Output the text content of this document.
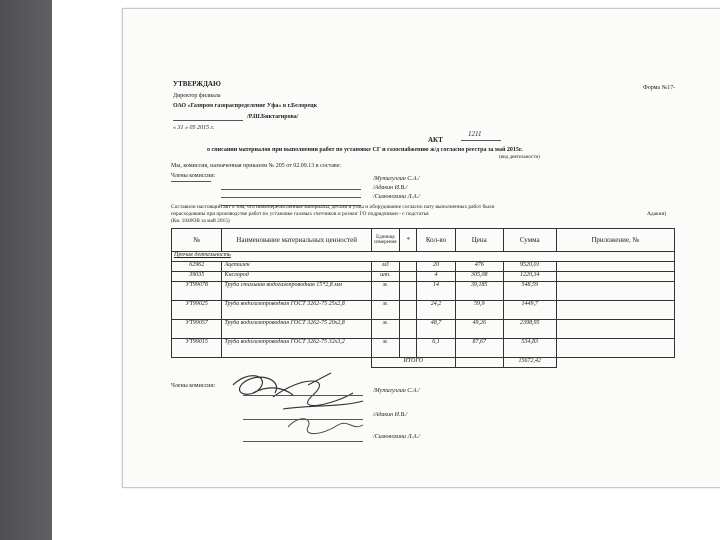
Форма №17-
УТВЕРЖДАЮ
Директор филиала
ОАО «Газпром газораспределение Уфа» в г.Белорецк
/Р.Ш.Биктагирова/
« 31 » 05 2015 г.
АКТ
1211
о списании материалов при выполнении работ по установке СГ и газоснабжению ж/д согласно реестра за май 2015г.
(вид деятельности)
Мы, комиссия, назначенная приказом № 205 от 02.09.13 в составе:
Члены комиссии:	/Мутигуллин С.А./
/Адакин И.В./
/Симонохина Л.А./
Составили настоящий акт о том, что нижеперечисленные материалы, детали и узлы и оборудование согласно нату выполненных работ были
израсходованы при производстве работ по установке газовых счетчиков и розжиг ГО подрядчиком - с подстатья	Адакин)
(Кв. 1040ОВ за май 2015)
№	Наименование материальных ценностей	Единица измерения	*	Кол-во	Цена	Сумма	Приложение, №
Прочая деятельность							
62962	Ацетилен	м3		20	476	9520,01	
39035	Кислород	шт.		4	305,08	1220,34	
УТ99078	Труба стальная водогазопроводная 15*2,8 мм	м.		14	39,185	548,59	
УТ99025	Труба водогазопроводная ГОСТ 3262-75 25х2,8	м.		24,2	59,9	1449,7	
УТ99057	Труба водогазопроводная ГОСТ 3262-75 20х2,8	м.		48,7	49,26	2398,95	
УТ99015	Труба водогазопроводная ГОСТ 3262-75 32х3,2	м.		6,1	87,67	534,83	
		ИТОГО				15672,42	
Члены комиссии:
/Мутигуллин С.А./
/Адакин И.В./
/Симонохина Л.А./
